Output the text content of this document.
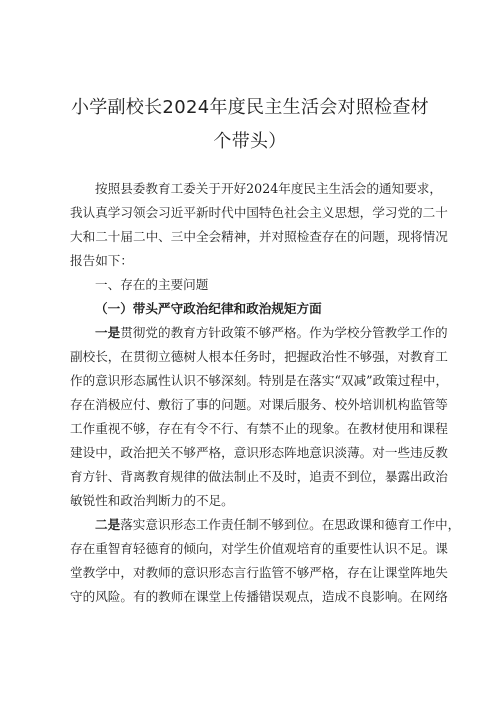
小学副校长2024年度民主生活会对照检查材
个带头）
按照县委教育工委关于开好2024年度民主生活会的通知要求，
我认真学习领会习近平新时代中国特色社会主义思想，学习党的二十
大和二十届二中、三中全会精神，并对照检查存在的问题，现将情况
报告如下：
一、存在的主要问题
（一）带头严守政治纪律和政治规矩方面
一是贯彻党的教育方针政策不够严格。作为学校分管教学工作的
副校长，在贯彻立德树人根本任务时，把握政治性不够强，对教育工
作的意识形态属性认识不够深刻。特别是在落实“双减”政策过程中，
存在消极应付、敷衍了事的问题。对课后服务、校外培训机构监管等
工作重视不够，存在有令不行、有禁不止的现象。在教材使用和课程
建设中，政治把关不够严格，意识形态阵地意识淡薄。对一些违反教
育方针、背离教育规律的做法制止不及时，追责不到位，暴露出政治
敏锐性和政治判断力的不足。
二是落实意识形态工作责任制不够到位。在思政课和德育工作中，
存在重智育轻德育的倾向，对学生价值观培育的重要性认识不足。课
堂教学中，对教师的意识形态言行监管不够严格，存在让课堂阵地失
守的风险。有的教师在课堂上传播错误观点，造成不良影响。在网络
